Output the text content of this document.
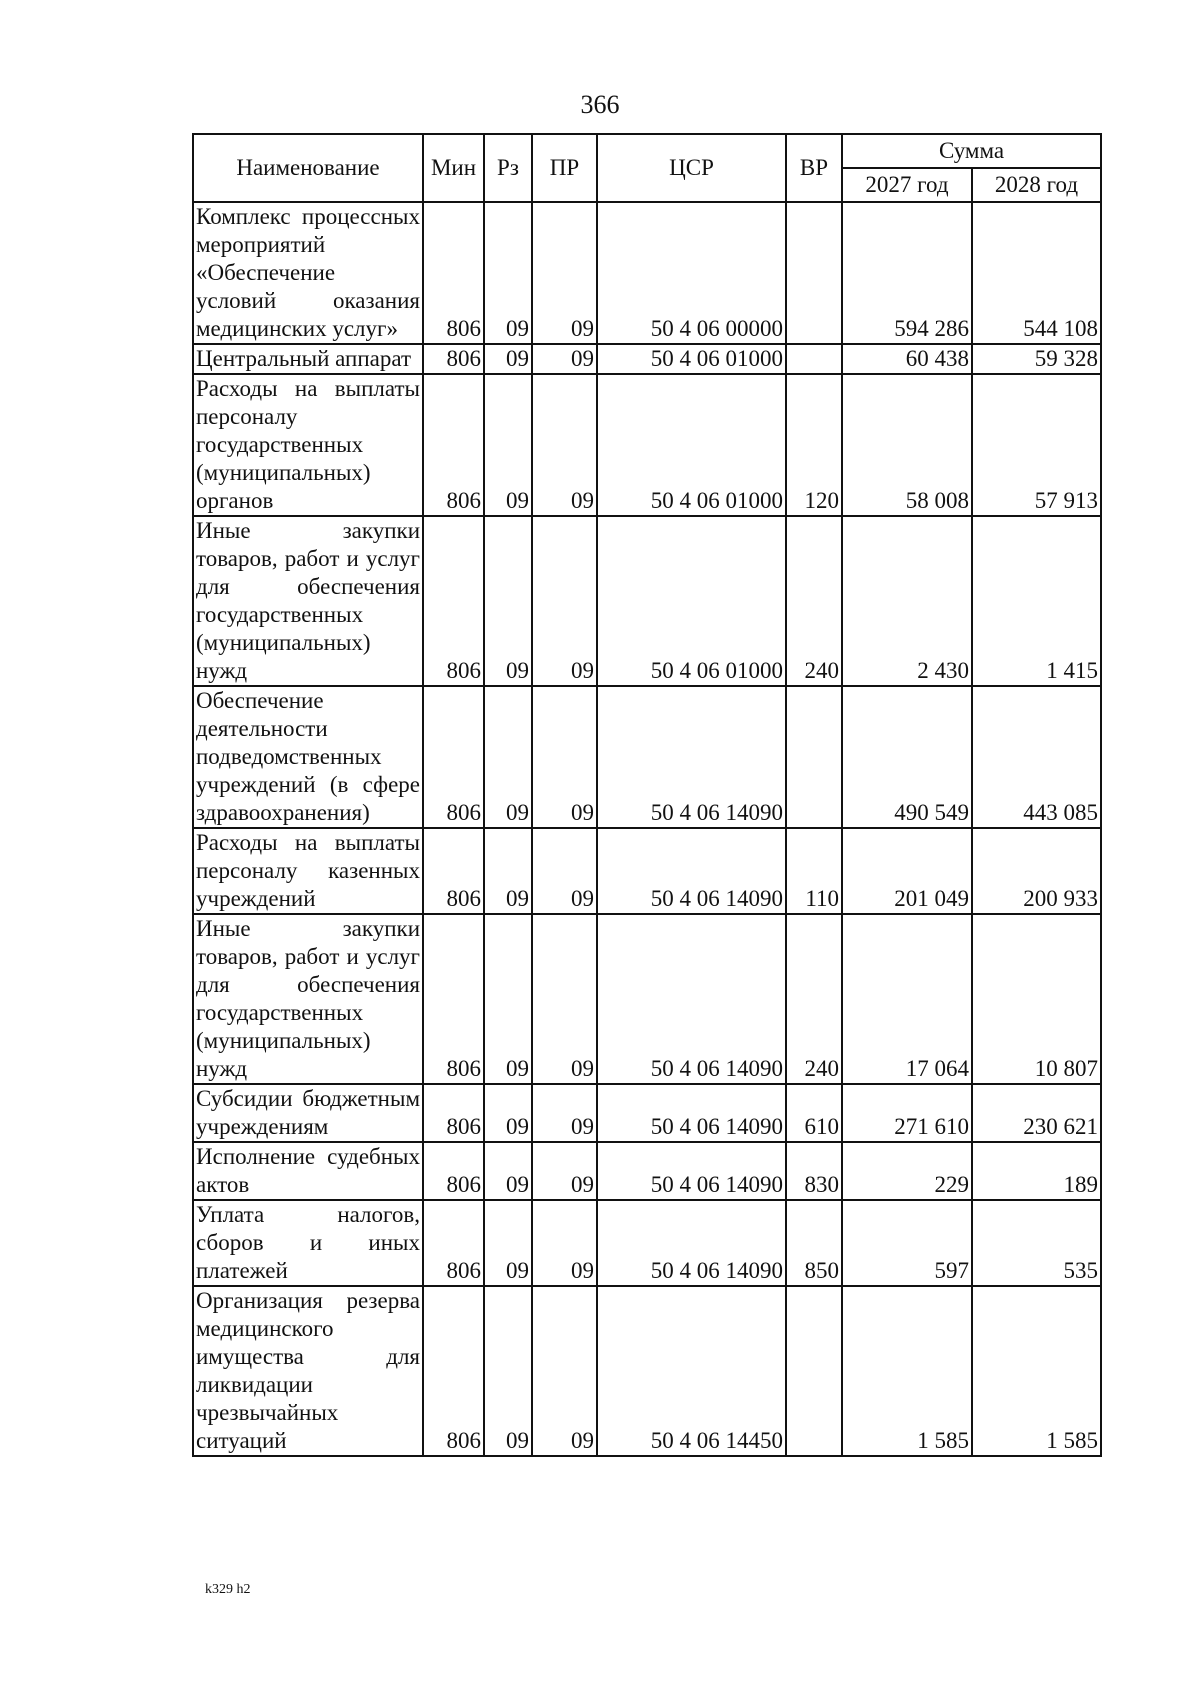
366
Наименование	Мин	Рз	ПР	ЦСР	ВР	Сумма	
						2027 год	2028 год
Комплекс процессных мероприятий «Обеспечение условий оказания медицинских услуг»	806	09	09	50 4 06 00000		594 286	544 108
Центральный аппарат	806	09	09	50 4 06 01000		60 438	59 328
Расходы на выплаты персоналу государственных (муниципальных) органов	806	09	09	50 4 06 01000	120	58 008	57 913
Иные закупки товаров, работ и услуг для обеспечения государственных (муниципальных) нужд	806	09	09	50 4 06 01000	240	2 430	1 415
Обеспечение деятельности подведомственных учреждений (в сфере здравоохранения)	806	09	09	50 4 06 14090		490 549	443 085
Расходы на выплаты персоналу казенных учреждений	806	09	09	50 4 06 14090	110	201 049	200 933
Иные закупки товаров, работ и услуг для обеспечения государственных (муниципальных) нужд	806	09	09	50 4 06 14090	240	17 064	10 807
Субсидии бюджетным учреждениям	806	09	09	50 4 06 14090	610	271 610	230 621
Исполнение судебных актов	806	09	09	50 4 06 14090	830	229	189
Уплата налогов, сборов и иных платежей	806	09	09	50 4 06 14090	850	597	535
Организация резерва медицинского имущества для ликвидации чрезвычайных ситуаций	806	09	09	50 4 06 14450		1 585	1 585
k329 h2
